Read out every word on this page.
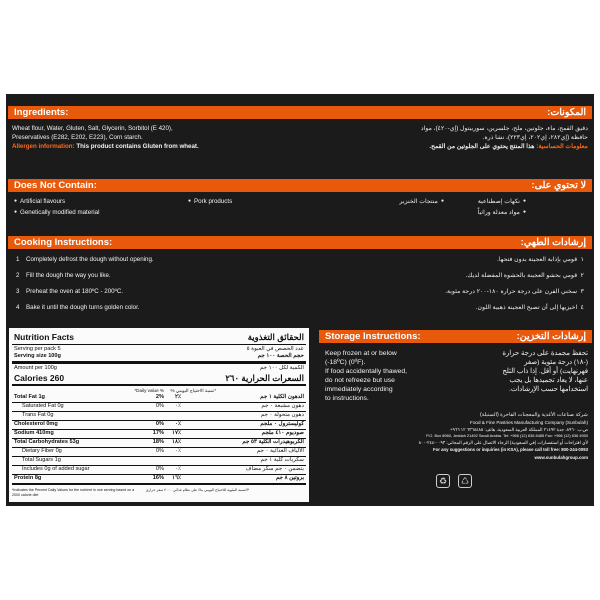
Ingredients:	المكونات:
Wheat flour, Water, Gluten, Salt, Glycerin, Sorbitol (E 420),
Preservatives (E282, E202, E223), Corn starch.
Allergen information: This product contains Gluten from wheat.
دقيق القمح، ماء، جلوتين، ملح، جلسرين، سوربيتول (إي-٤٢٠)، مواد
حافظة (إي٢٨٢، إي٢٠٢، إي٢٢٣)، نشا ذرة.
معلومات الحساسية: هذا المنتج يحتوي على الجلوتين من القمح.
Does Not Contain:	لا تحتوي على:
● Artificial flavours
● Genetically modified material
● Pork products
●	نكهات إصطناعية
● مواد معدلة وراثياً
● منتجات الخنزير
Cooking Instructions:	إرشادات الطهي:
1 Completely defrost the dough without opening.
2 Fill the dough the way you like.
3 Preheat the oven at 180ºC - 200ºC.
4 Bake it until the dough turns golden color.
١  قومي بإذابة العجينة بدون فتحها.
٢  قومي بحشو العجينة بالحشوة المفضلة لديك.
٣  سخني الفرن على درجة حرارة ١٨٠-٢٠٠ درجة مئوية.
٤  اخبزيها إلى أن تصبح العجينة ذهبية اللون.
Nutrition Facts	الحقائق التغذوية
Serving per pack 5	عدد الحصص في العبوة ٥
Serving size 100g	حجم الحصة ١٠٠ جم
Amount per 100g	الكمية لكل ١٠٠ جم
Calories 260	السعرات الحرارية ٢٦٠
*Daily value % *نسبة الاحتياج اليومي %
Total Fat 1g	2%	٢٪	الدهون الكلية ١ جم
Saturated Fat 0g	0%	٠٪	دهون مشبعة ٠ جم
Trans Fat 0g	دهون متحولة ٠ جم
Cholesterol 0mg	0%	٠٪	كوليسترول ٠ ملجم
Sodium 410mg	17%	١٧٪	صوديوم ٤١٠ ملجم
Total Carbohydrates 53g	18%	١٨٪	الكربوهيدرات الكلية ٥٣ جم
Dietary Fiber 0g	0%	٠٪	الألياف الغذائية ٠ جم
Total Sugars 1g	سكريات كلية ١ جم
Includes 0g of added sugar	0%	٠٪	يتضمن ٠ جم سكر مضاف
Protein 8g	16%	١٦٪	بروتين ٨ جم
*Indicates the Percent Daily Values for the nutrient in one serving based on a 2000 calorie diet
*النسبة المئوية للاحتياج اليومي بناءً على نظام غذائي ٢٠٠٠ سعر حراري
Storage Instructions:	إرشادات التخزين:
Keep frozen at or below
(-18ºC) (0ºF).
If food accidentally thawed,
do not refreeze but use
immediately according
to instructions.
تحفظ مجمدة على درجة حرارة
(-١٨) درجة مئوية (صفر
فهرنهايت) أو أقل. إذا ذاب الثلج
عنها، لا يعاد تجميدها بل يجب
استخدامها حسب الإرشادات.
شركة صناعات الأغذية والمعجنات الفاخرة (السنبلة)
Food & Fine Pastries Manufacturing Company (Sunbulah)
ص.ب ٨٩٦٠، جدة ٢١٤٩٢ المملكة العربية السعودية، هاتف: ٦٣٦٨٤٨٥ ١٢ ٩٦٦+
P.O. Box 8960, Jeddah 21492 Saudi Arabia. Tel: +966 (12) 636 8485 Fax: +966 (12) 636 4950
لأي اقتراحات أو استفسارات (في السعودية) الرجاء الاتصال على الرقم المجاني: ٠٠٩٣-٢٤٤-٨٠٠
For any suggestions or inquiries (in KSA), please call toll free: 800-244-0093
www.sunbulahgroup.com
♻	♺
